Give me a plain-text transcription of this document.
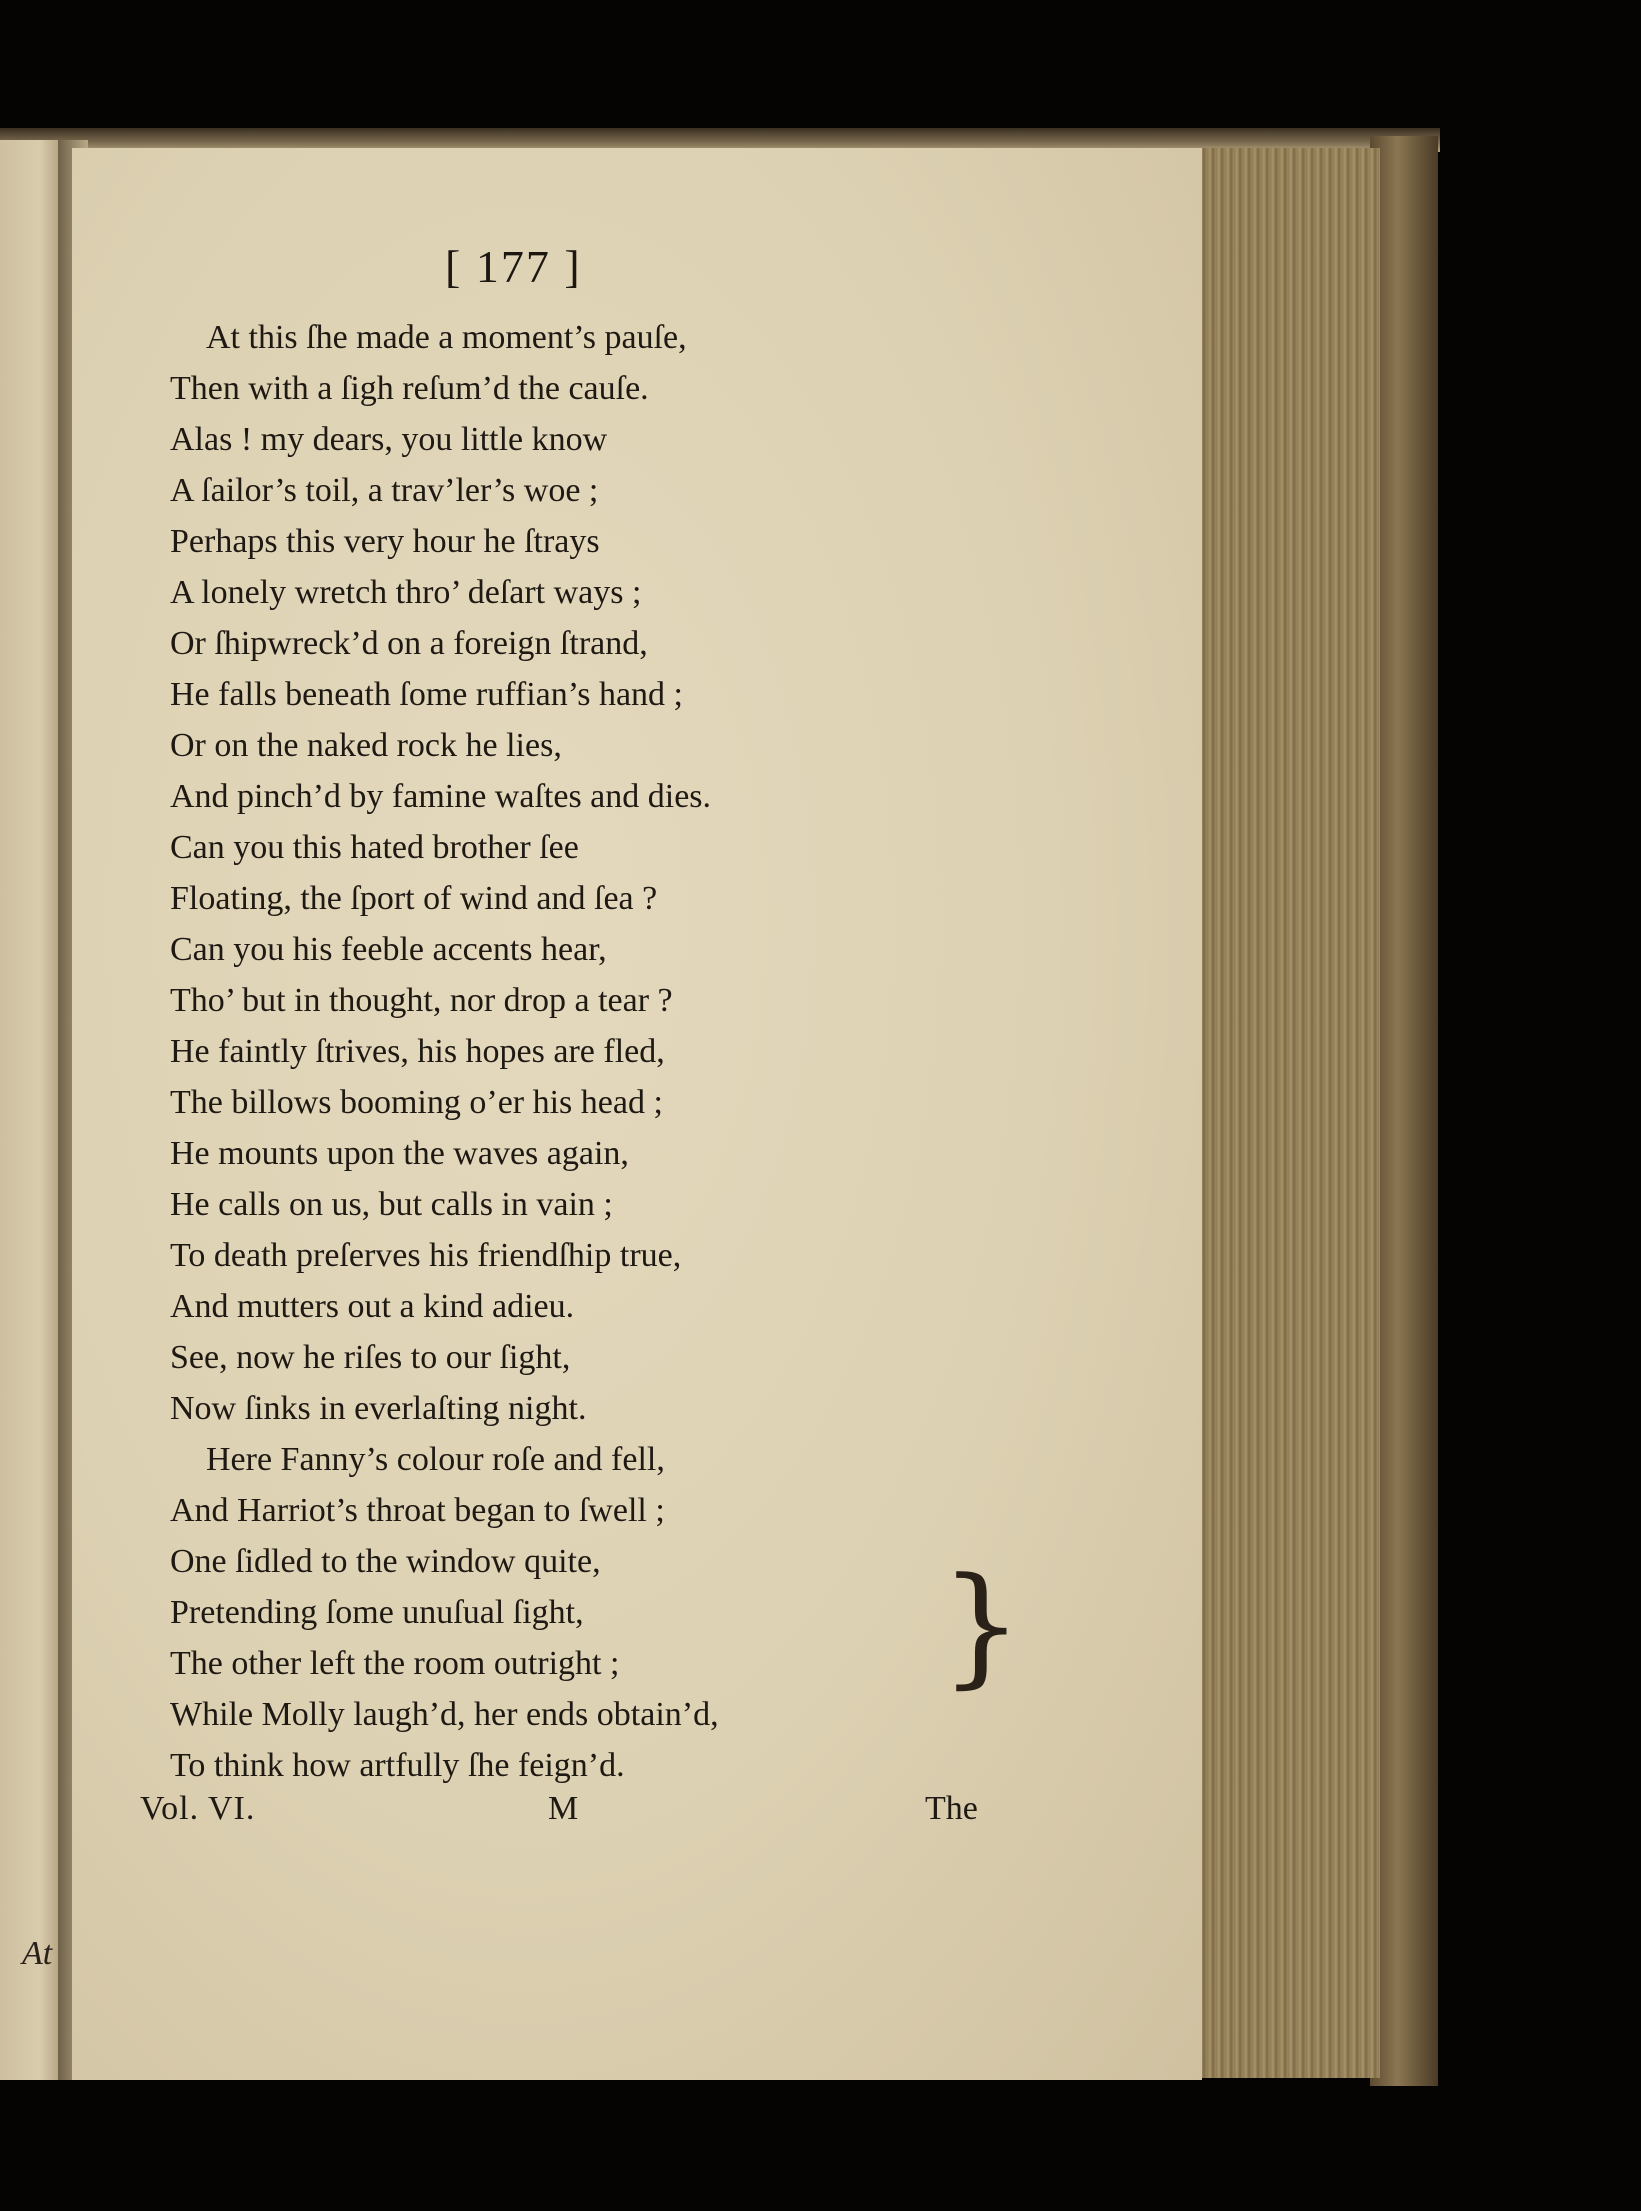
At
[ 177 ]
At this ſhe made a moment’s pauſe,
Then with a ſigh reſum’d the cauſe.
Alas ! my dears, you little know
A ſailor’s toil, a trav’ler’s woe ;
Perhaps this very hour he ſtrays
A lonely wretch thro’ deſart ways ;
Or ſhipwreck’d on a foreign ſtrand,
He falls beneath ſome ruffian’s hand ;
Or on the naked rock he lies,
And pinch’d by famine waſtes and dies.
Can you this hated brother ſee
Floating, the ſport of wind and ſea ?
Can you his feeble accents hear,
Tho’ but in thought, nor drop a tear ?
He faintly ſtrives, his hopes are fled,
The billows booming o’er his head ;
He mounts upon the waves again,
He calls on us, but calls in vain ;
To death preſerves his friendſhip true,
And mutters out a kind adieu.
See, now he riſes to our ſight,
Now ſinks in everlaſting night.
Here Fanny’s colour roſe and fell,
And Harriot’s throat began to ſwell ;
One ſidled to the window quite,
Pretending ſome unuſual ſight,
The other left the room outright ;
While Molly laugh’d, her ends obtain’d,
To think how artfully ſhe feign’d.
}
Vol. VI.	M	The
